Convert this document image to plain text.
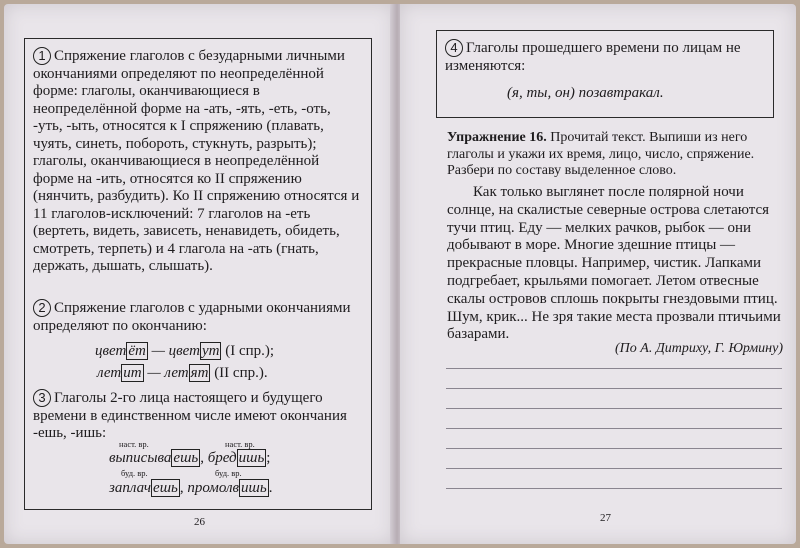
1 Спряжение глаголов с безударными личными окончаниями определяют по неопределённой форме: глаголы, оканчивающиеся в неопределённой форме на -ать, -ять, -еть, -оть, -уть, -ыть, относятся к I спряжению (плавать, чуять, синеть, побороть, стукнуть, разрыть); глаголы, оканчивающиеся в неопределённой форме на -ить, относятся ко II спряжению (нянчить, разбудить). Ко II спряжению относятся и 11 глаголов-исключений: 7 глаголов на -еть (вертеть, видеть, зависеть, ненавидеть, обидеть, смотреть, терпеть) и 4 глагола на -ать (гнать, держать, дышать, слышать).
2 Спряжение глаголов с ударными окончаниями определяют по окончанию:
цвет ёт — цвет ут (I спр.);
лет ит — лет ят (II спр.).
3 Глаголы 2-го лица настоящего и будущего времени в единственном числе имеют окончания -ешь, -ишь:
наст. вр.	наст. вр.
выписыва ешь , бред ишь ;
буд. вр.	буд. вр.
заплач ешь , промолв ишь .
26
4 Глаголы прошедшего времени по лицам не изменяются:
(я, ты, он) позавтракал.
Упражнение 16. Прочитай текст. Выпиши из него глаголы и укажи их время, лицо, число, спряжение. Разбери по составу выделенное слово.
Как только выглянет после полярной ночи солнце, на скалистые северные острова слетаются тучи птиц. Еду — мелких рачков, рыбок — они добывают в море. Многие здешние птицы — прекрасные пловцы. Например, чистик. Лапками подгребает, крыльями помогает. Летом отвесные скалы островов сплошь покрыты гнездовыми птиц. Шум, крик... Не зря такие места прозвали птичьими базарами.
(По А. Дитриху, Г. Юрмину)
27
